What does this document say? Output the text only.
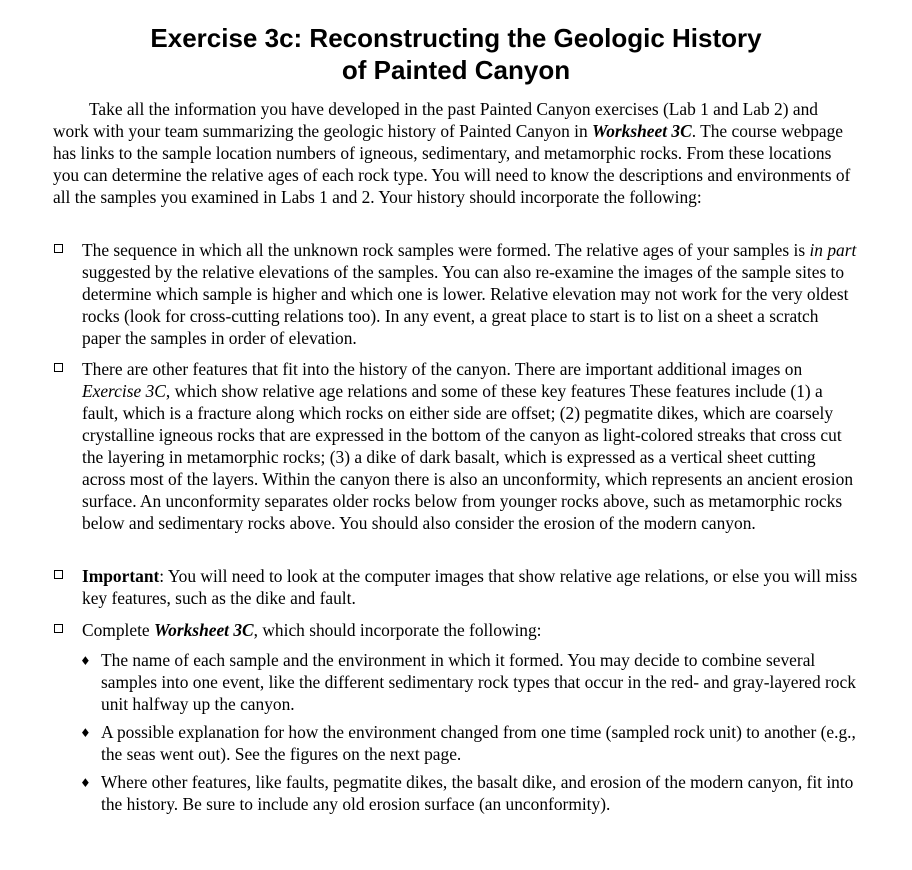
Exercise 3c: Reconstructing the Geologic History
of Painted Canyon

Take all the information you have developed in the past Painted Canyon exercises (Lab 1 and Lab 2) and work with your team summarizing the geologic history of Painted Canyon in Worksheet 3C. The course webpage has links to the sample location numbers of igneous, sedimentary, and metamorphic rocks. From these locations you can determine the relative ages of each rock type. You will need to know the descriptions and environments of all the samples you examined in Labs 1 and 2. Your history should incorporate the following:

The sequence in which all the unknown rock samples were formed. The relative ages of your samples is in part suggested by the relative elevations of the samples. You can also re-examine the images of the sample sites to determine which sample is higher and which one is lower. Relative elevation may not work for the very oldest rocks (look for cross-cutting relations too). In any event, a great place to start is to list on a sheet a scratch paper the samples in order of elevation.

There are other features that fit into the history of the canyon. There are important additional images on Exercise 3C, which show relative age relations and some of these key features These features include (1) a fault, which is a fracture along which rocks on either side are offset; (2) pegmatite dikes, which are coarsely crystalline igneous rocks that are expressed in the bottom of the canyon as light-colored streaks that cross cut the layering in metamorphic rocks; (3) a dike of dark basalt, which is expressed as a vertical sheet cutting across most of the layers. Within the canyon there is also an unconformity, which represents an ancient erosion surface. An unconformity separates older rocks below from younger rocks above, such as metamorphic rocks below and sedimentary rocks above. You should also consider the erosion of the modern canyon.

Important: You will need to look at the computer images that show relative age relations, or else you will miss key features, such as the dike and fault.

Complete Worksheet 3C, which should incorporate the following:

♦ The name of each sample and the environment in which it formed. You may decide to combine several samples into one event, like the different sedimentary rock types that occur in the red- and gray-layered rock unit halfway up the canyon.

♦ A possible explanation for how the environment changed from one time (sampled rock unit) to another (e.g., the seas went out). See the figures on the next page.

♦ Where other features, like faults, pegmatite dikes, the basalt dike, and erosion of the modern canyon, fit into the history. Be sure to include any old erosion surface (an unconformity).
